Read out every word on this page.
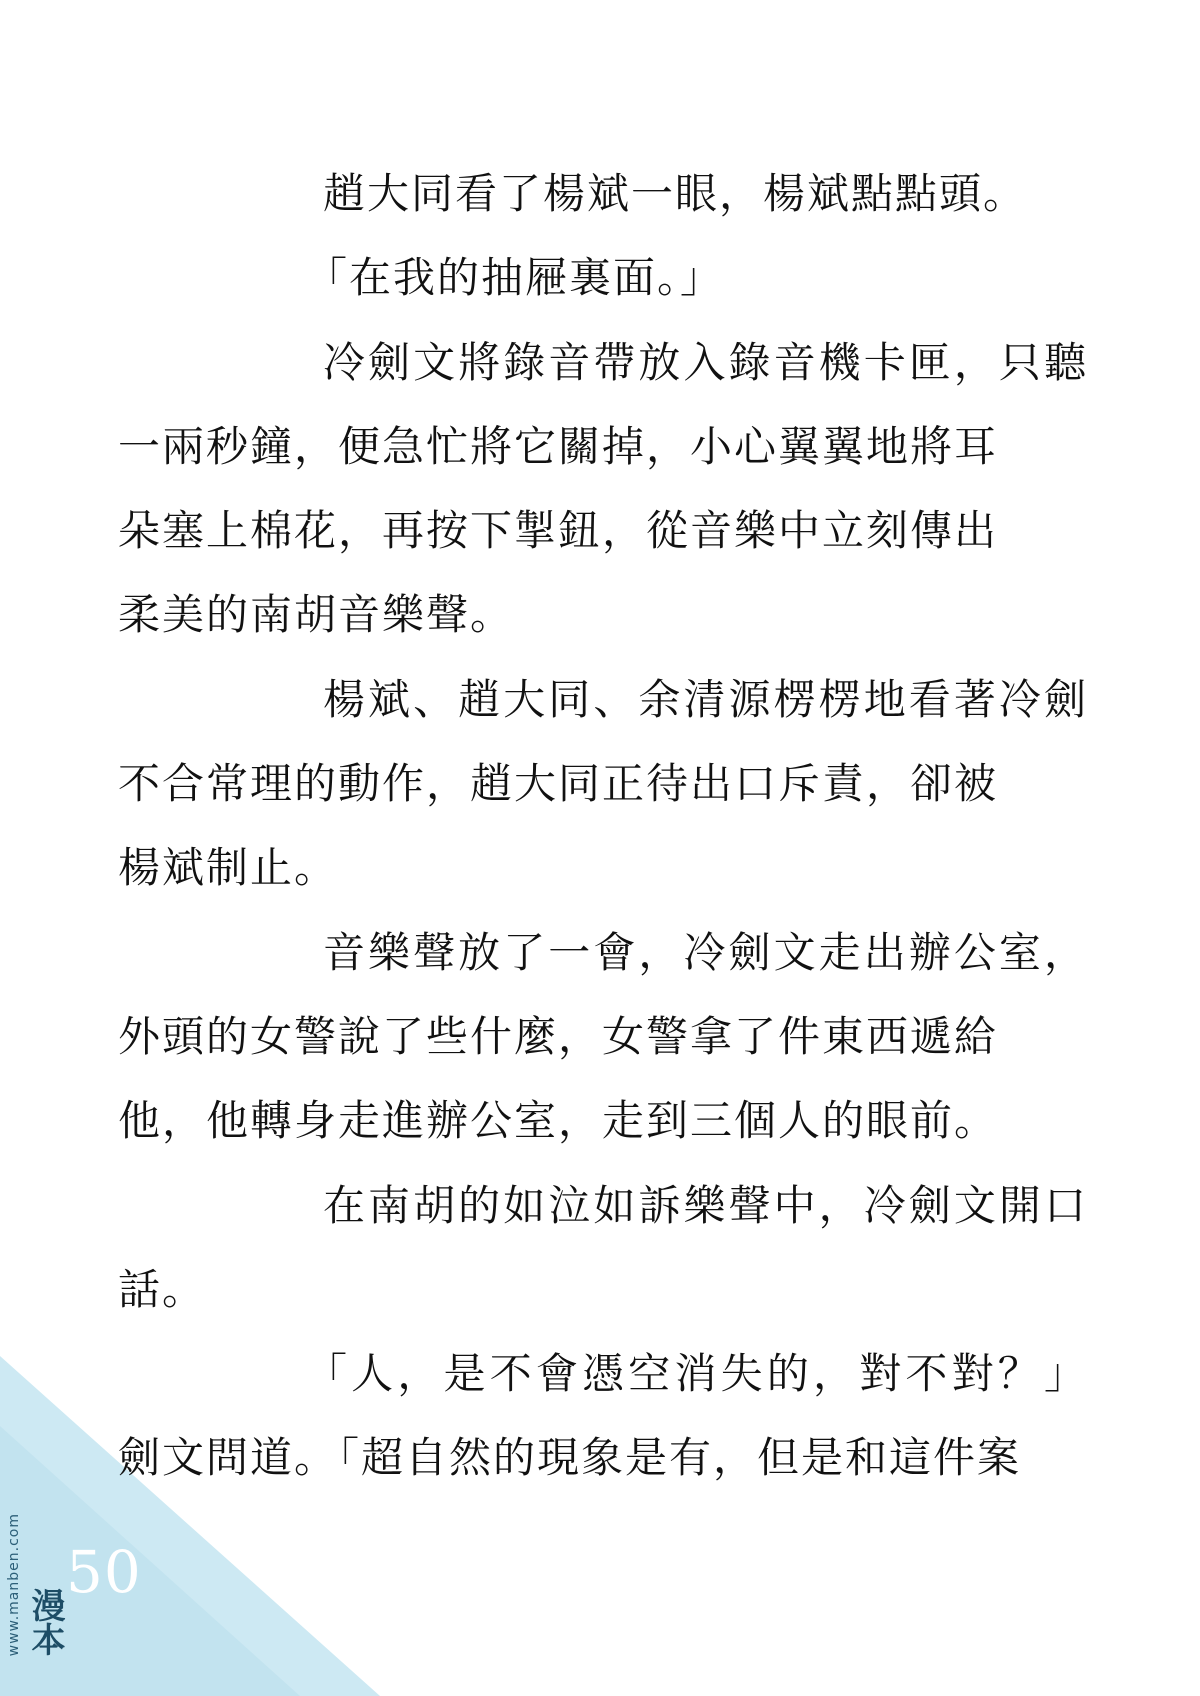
趙大同看了楊斌一眼，楊斌點點頭。
「在我的抽屜裏面。」
冷劍文將錄音帶放入錄音機卡匣，只聽
一兩秒鐘，便急忙將它關掉，小心翼翼地將耳
朵塞上棉花，再按下掣鈕，從音樂中立刻傳出
柔美的南胡音樂聲。
楊斌、趙大同、余清源楞楞地看著冷劍
不合常理的動作，趙大同正待出口斥責，卻被
楊斌制止。
音樂聲放了一會，冷劍文走出辦公室，
外頭的女警說了些什麼，女警拿了件東西遞給
他，他轉身走進辦公室，走到三個人的眼前。
在南胡的如泣如訴樂聲中，冷劍文開口
話。
「人，是不會憑空消失的，對不對？」
劍文問道。「超自然的現象是有，但是和這件案
50
www.manben.com 漫本
